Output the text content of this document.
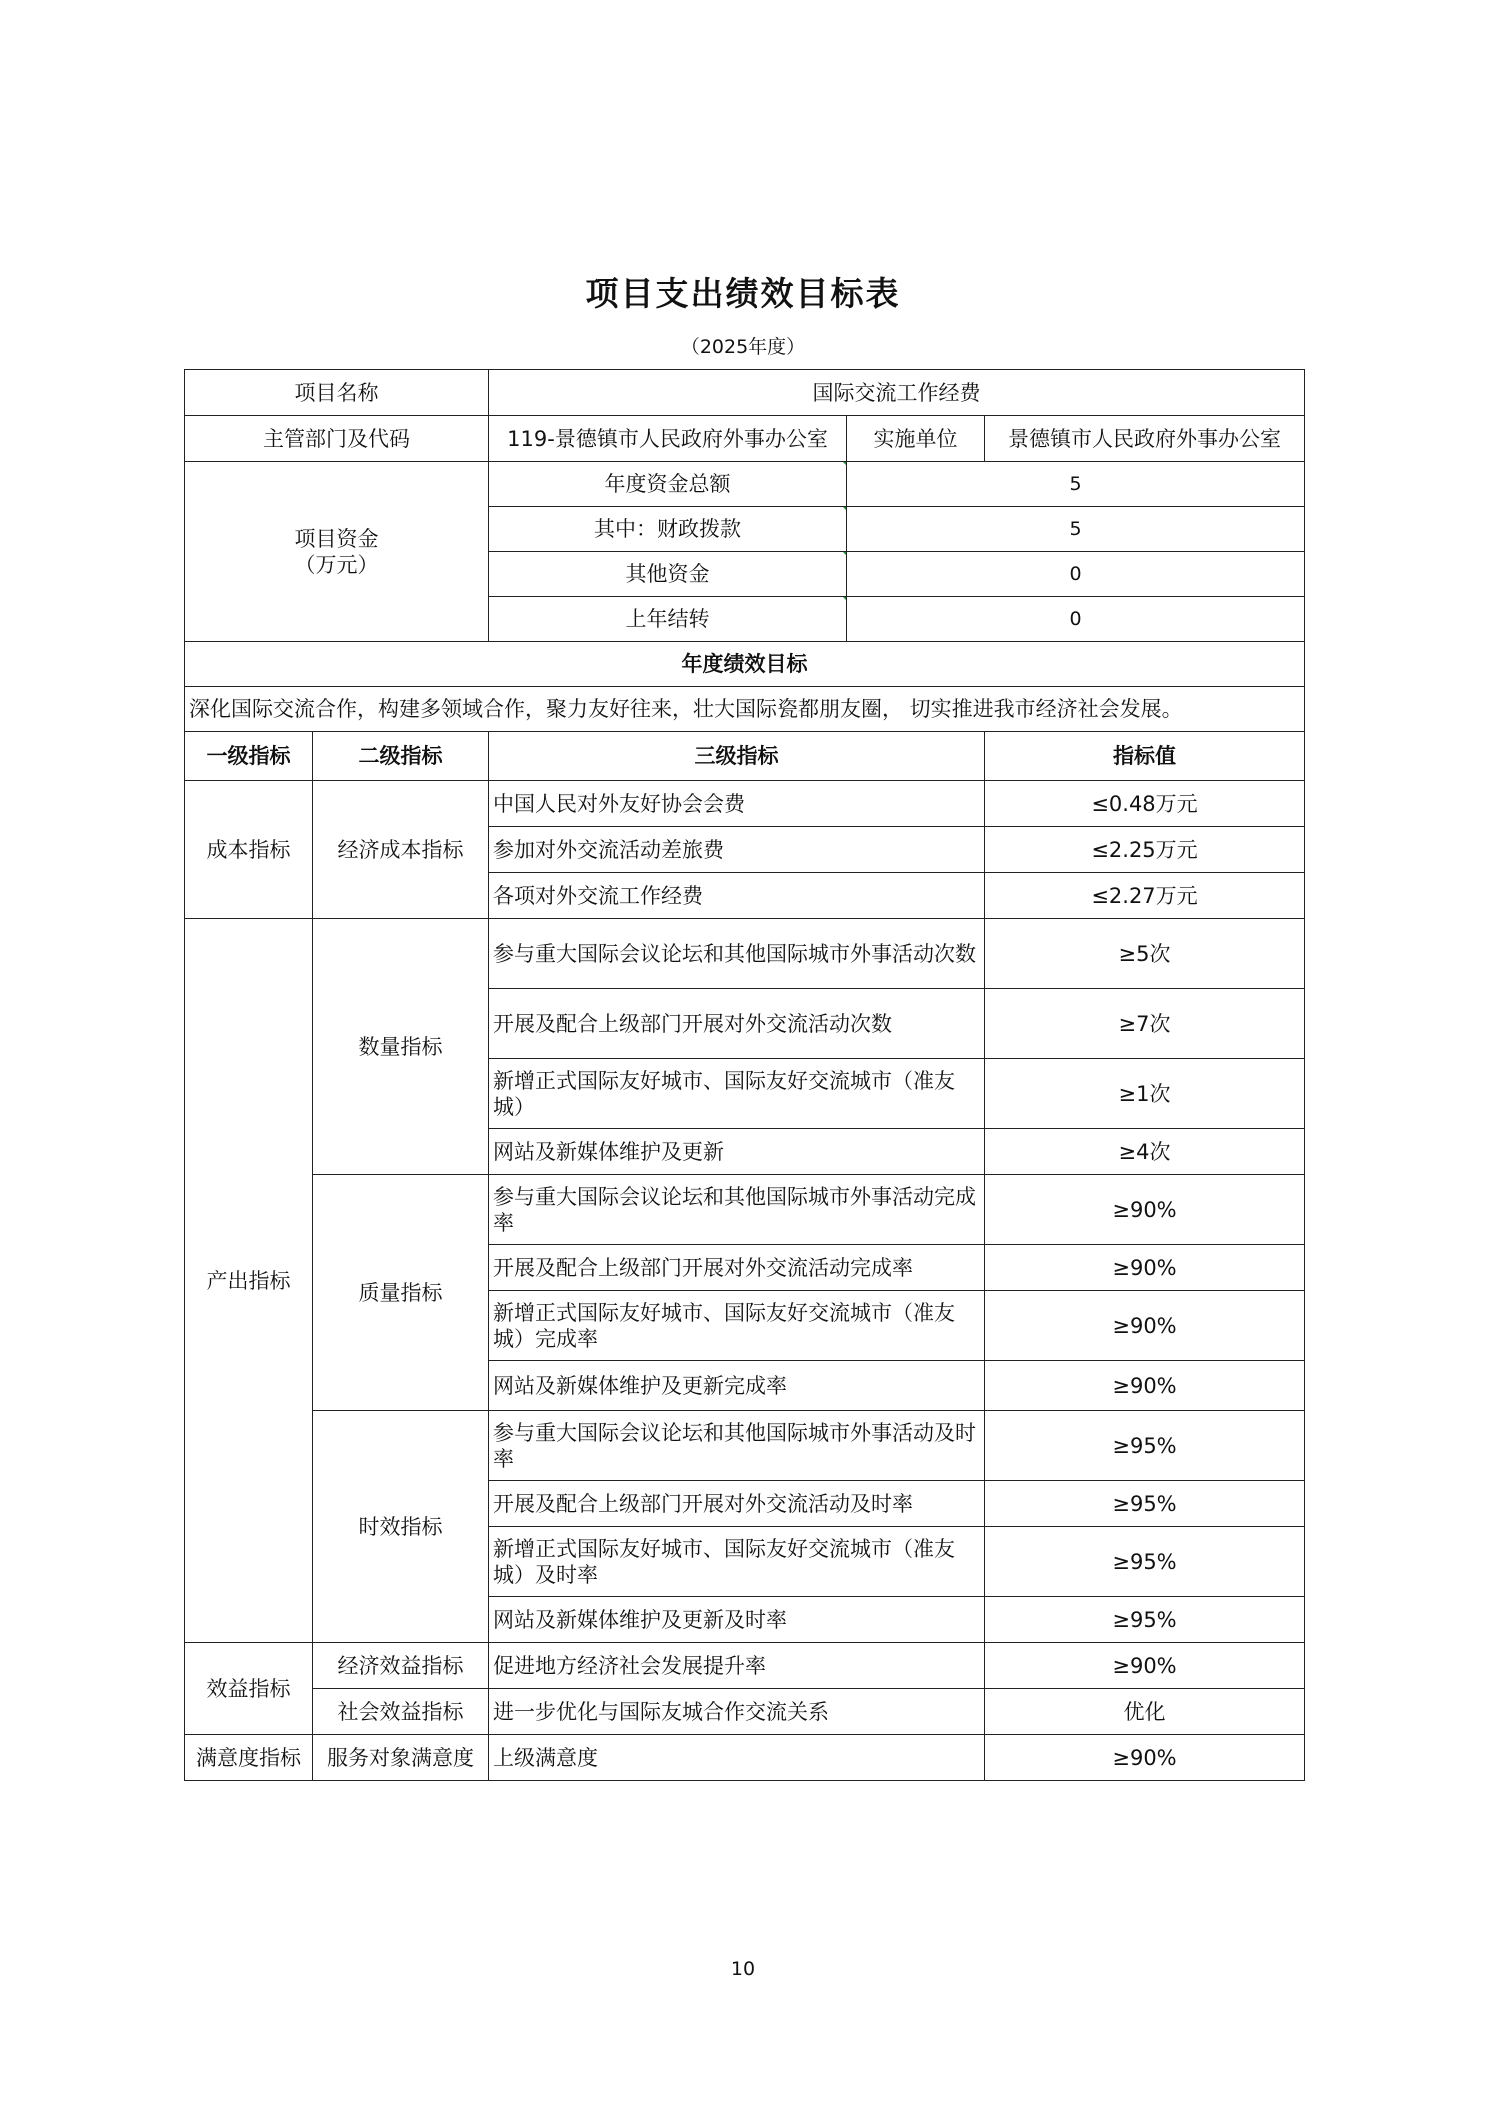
项目支出绩效目标表
（2025年度）
项目名称		国际交流工作经费		
主管部门及代码		119-景德镇市人民政府外事办公室	实施单位	景德镇市人民政府外事办公室

项目资金
（万元）		年度资金总额	5	
		其中：财政拨款	5	
		其他资金	0	
		上年结转	0	
年度绩效目标				
深化国际交流合作，构建多领域合作，聚力友好往来，壮大国际瓷都朋友圈， 切实推进我市经济社会发展。				
一级指标	二级指标	三级指标		指标值
成本指标	经济成本指标	中国人民对外友好协会会费		≤0.48万元
		参加对外交流活动差旅费		≤2.25万元
		各项对外交流工作经费		≤2.27万元
产出指标	数量指标	参与重大国际会议论坛和其他国际城市外事活动次数		≥5次
		开展及配合上级部门开展对外交流活动次数		≥7次
		新增正式国际友好城市、国际友好交流城市（准友城）		≥1次
		网站及新媒体维护及更新		≥4次
	质量指标	参与重大国际会议论坛和其他国际城市外事活动完成率		≥90%
		开展及配合上级部门开展对外交流活动完成率		≥90%
		新增正式国际友好城市、国际友好交流城市（准友城）完成率		≥90%
		网站及新媒体维护及更新完成率		≥90%
	时效指标	参与重大国际会议论坛和其他国际城市外事活动及时率		≥95%
		开展及配合上级部门开展对外交流活动及时率		≥95%
		新增正式国际友好城市、国际友好交流城市（准友城）及时率		≥95%
		网站及新媒体维护及更新及时率		≥95%
效益指标	经济效益指标	促进地方经济社会发展提升率		≥90%
	社会效益指标	进一步优化与国际友城合作交流关系		优化
满意度指标	服务对象满意度	上级满意度		≥90%
10
